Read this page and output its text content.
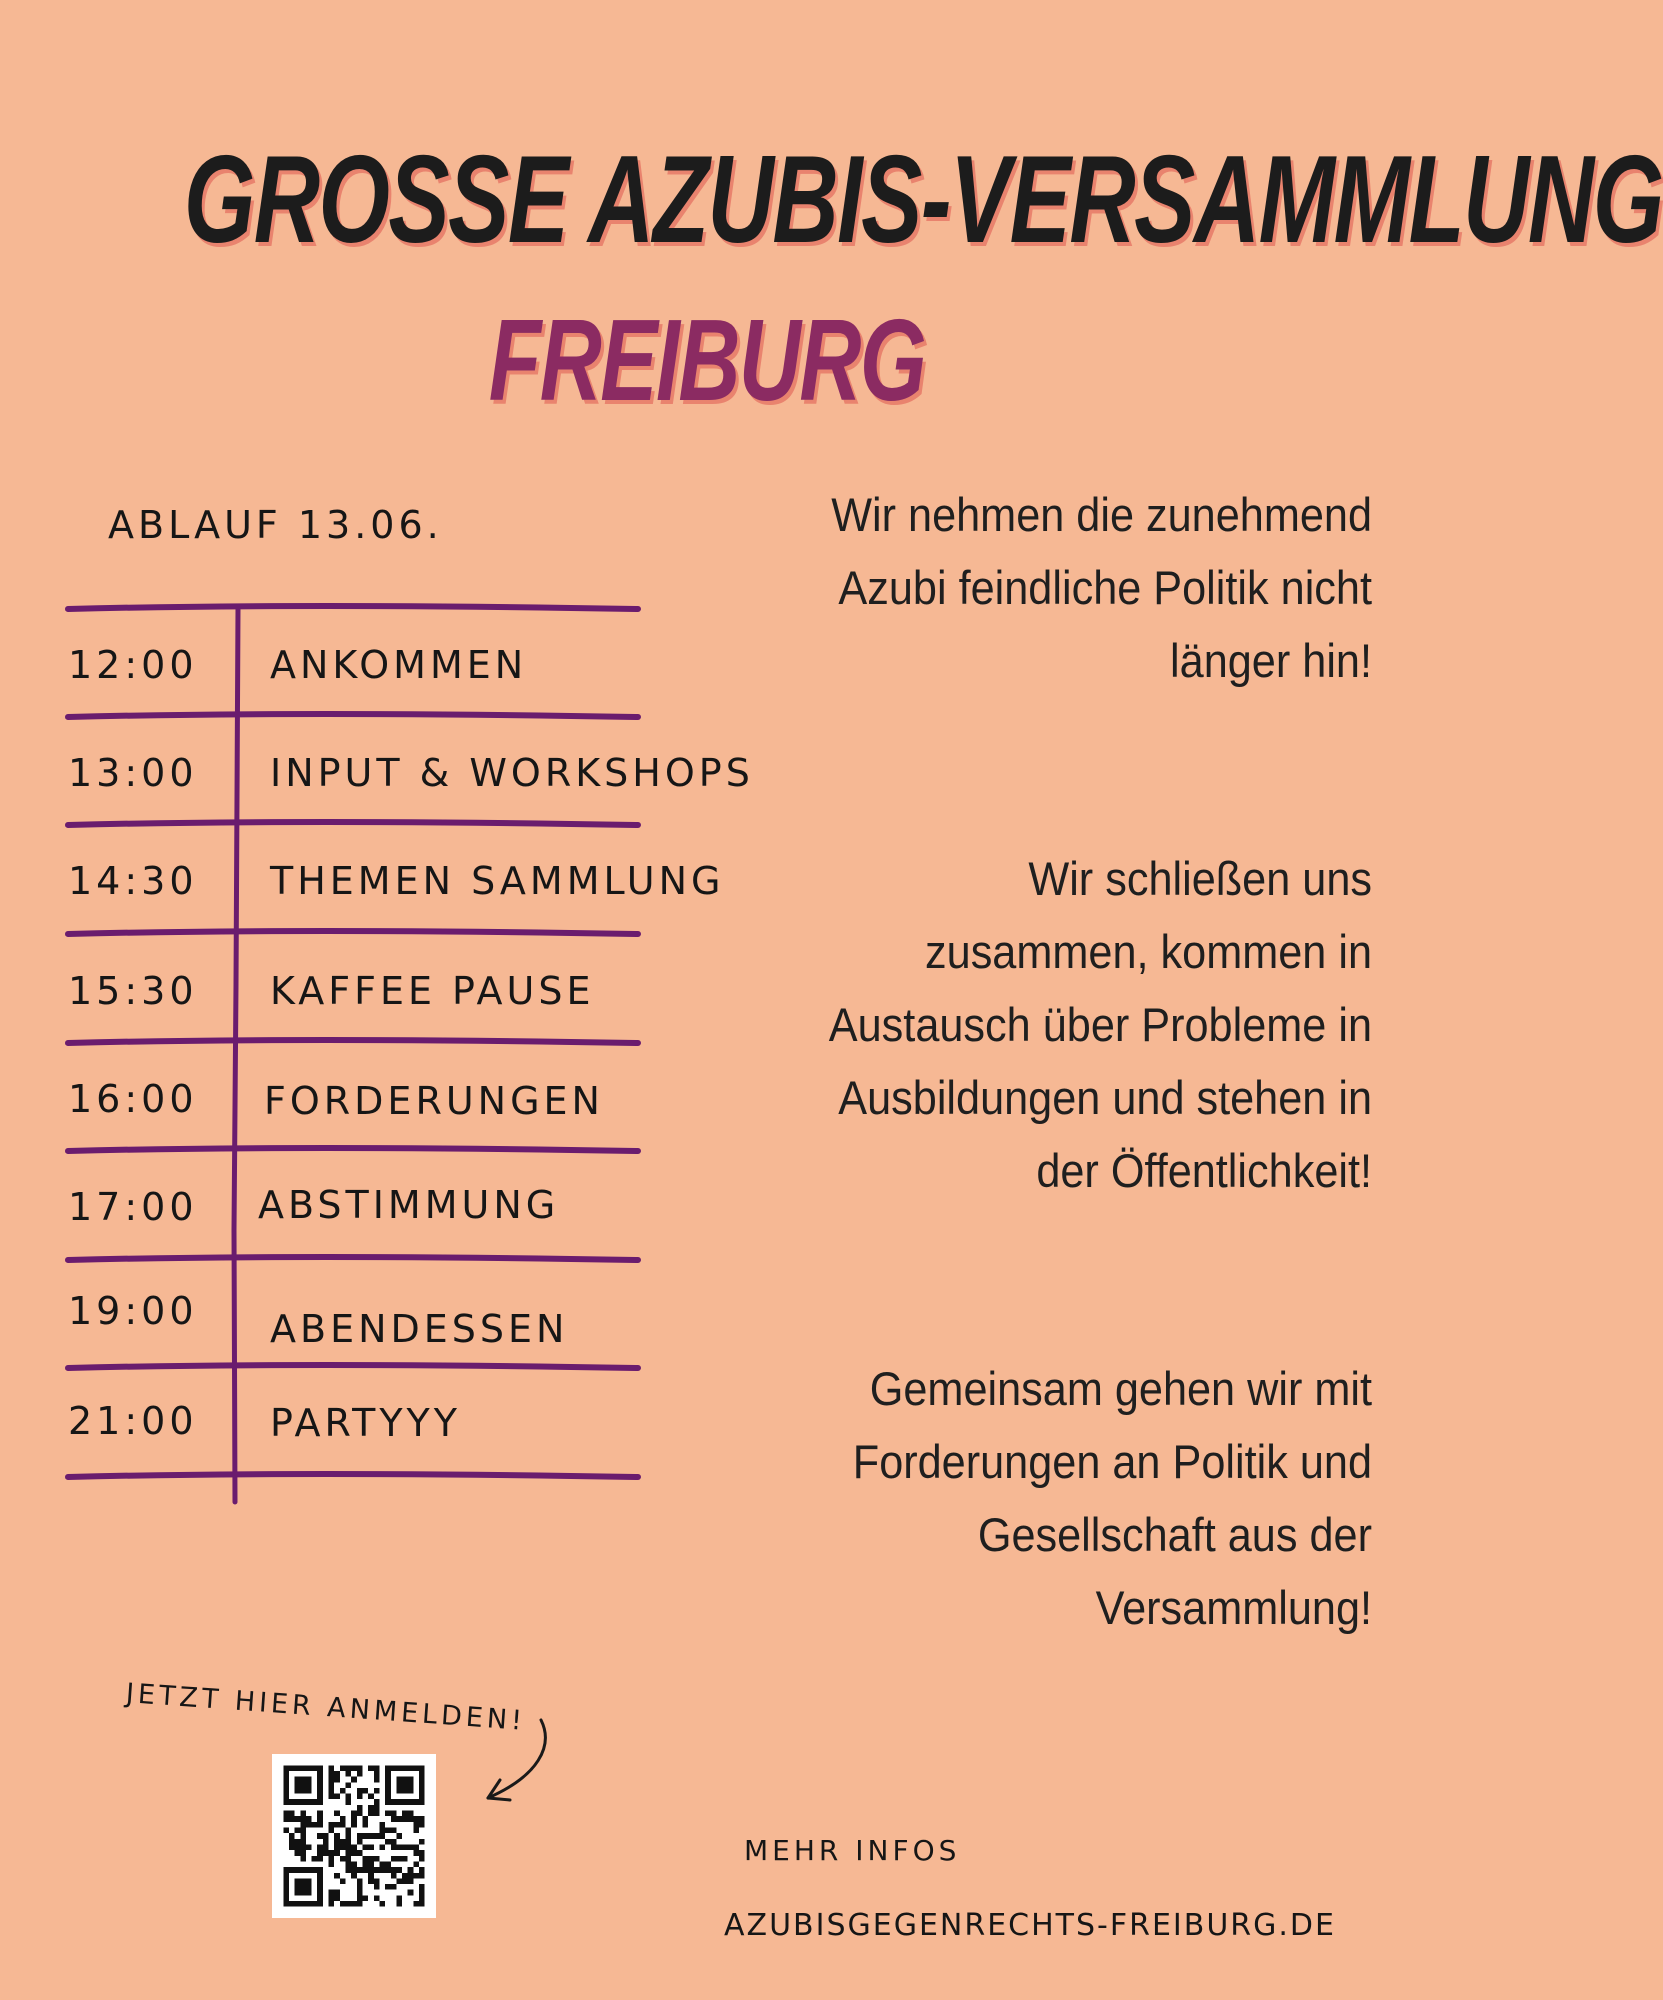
GROSSE AZUBIS-VERSAMMLUNG
FREIBURG
ABLAUF 13.06.
12:00 ANKOMMEN
13:00 INPUT & WORKSHOPS
14:30 THEMEN SAMMLUNG
15:30 KAFFEE PAUSE
16:00 FORDERUNGEN
17:00 ABSTIMMUNG
19:00 ABENDESSEN
21:00 PARTYYY
Wir nehmen die zunehmend Azubi feindliche Politik nicht länger hin!
Wir schließen uns zusammen, kommen in Austausch über Probleme in Ausbildungen und stehen in der Öffentlichkeit!
Gemeinsam gehen wir mit Forderungen an Politik und Gesellschaft aus der Versammlung!
JETZT HIER ANMELDEN!
MEHR INFOS
AZUBISGEGENRECHTS-FREIBURG.DE
